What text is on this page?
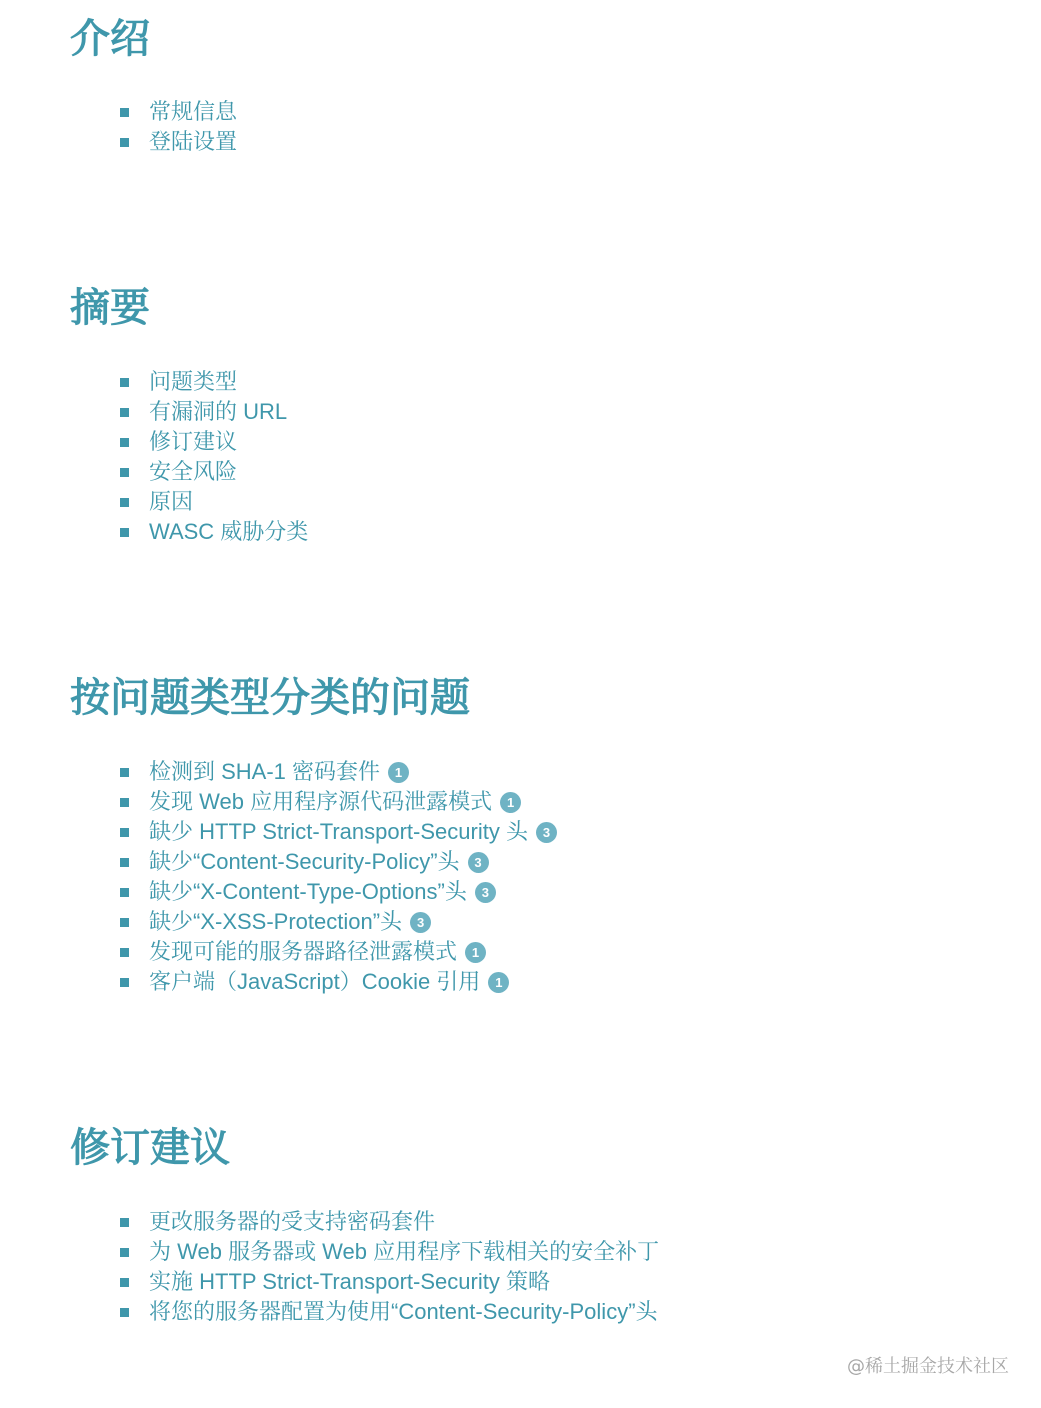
介绍
常规信息
登陆设置
摘要
问题类型
有漏洞的 URL
修订建议
安全风险
原因
WASC 威胁分类
按问题类型分类的问题
检测到 SHA-1 密码套件 1
发现 Web 应用程序源代码泄露模式 1
缺少 HTTP Strict-Transport-Security 头 3
缺少“Content-Security-Policy”头 3
缺少“X-Content-Type-Options”头 3
缺少“X-XSS-Protection”头 3
发现可能的服务器路径泄露模式 1
客户端（JavaScript）Cookie 引用 1
修订建议
更改服务器的受支持密码套件
为 Web 服务器或 Web 应用程序下载相关的安全补丁
实施 HTTP Strict-Transport-Security 策略
将您的服务器配置为使用“Content-Security-Policy”头
@稀土掘金技术社区
